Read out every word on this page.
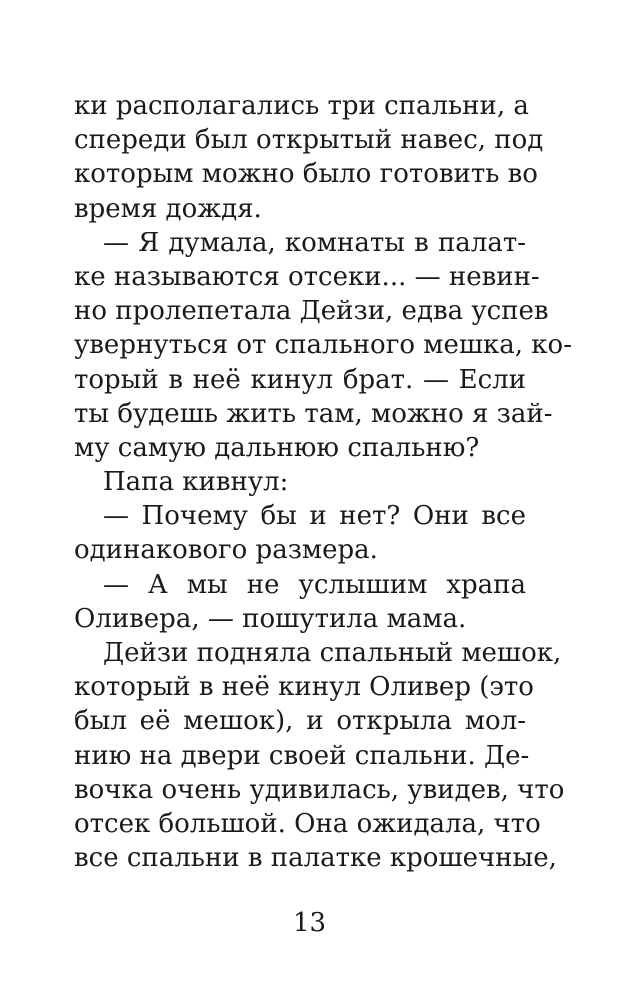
ки располагались три спальни, а
спереди был открытый навес, под
которым можно было готовить во
время дождя.
— Я думала, комнаты в палат-
ке называются отсеки... — невин-
но пролепетала Дейзи, едва успев
увернуться от спального мешка, ко-
торый в неё кинул брат. — Если
ты будешь жить там, можно я зай-
му самую дальнюю спальню?
Папа кивнул:
— Почему бы и нет? Они все
одинакового размера.
— А мы не услышим храпа
Оливера, — пошутила мама.
Дейзи подняла спальный мешок,
который в неё кинул Оливер (это
был её мешок), и открыла мол-
нию на двери своей спальни. Де-
вочка очень удивилась, увидев, что
отсек большой. Она ожидала, что
все спальни в палатке крошечные,
13
